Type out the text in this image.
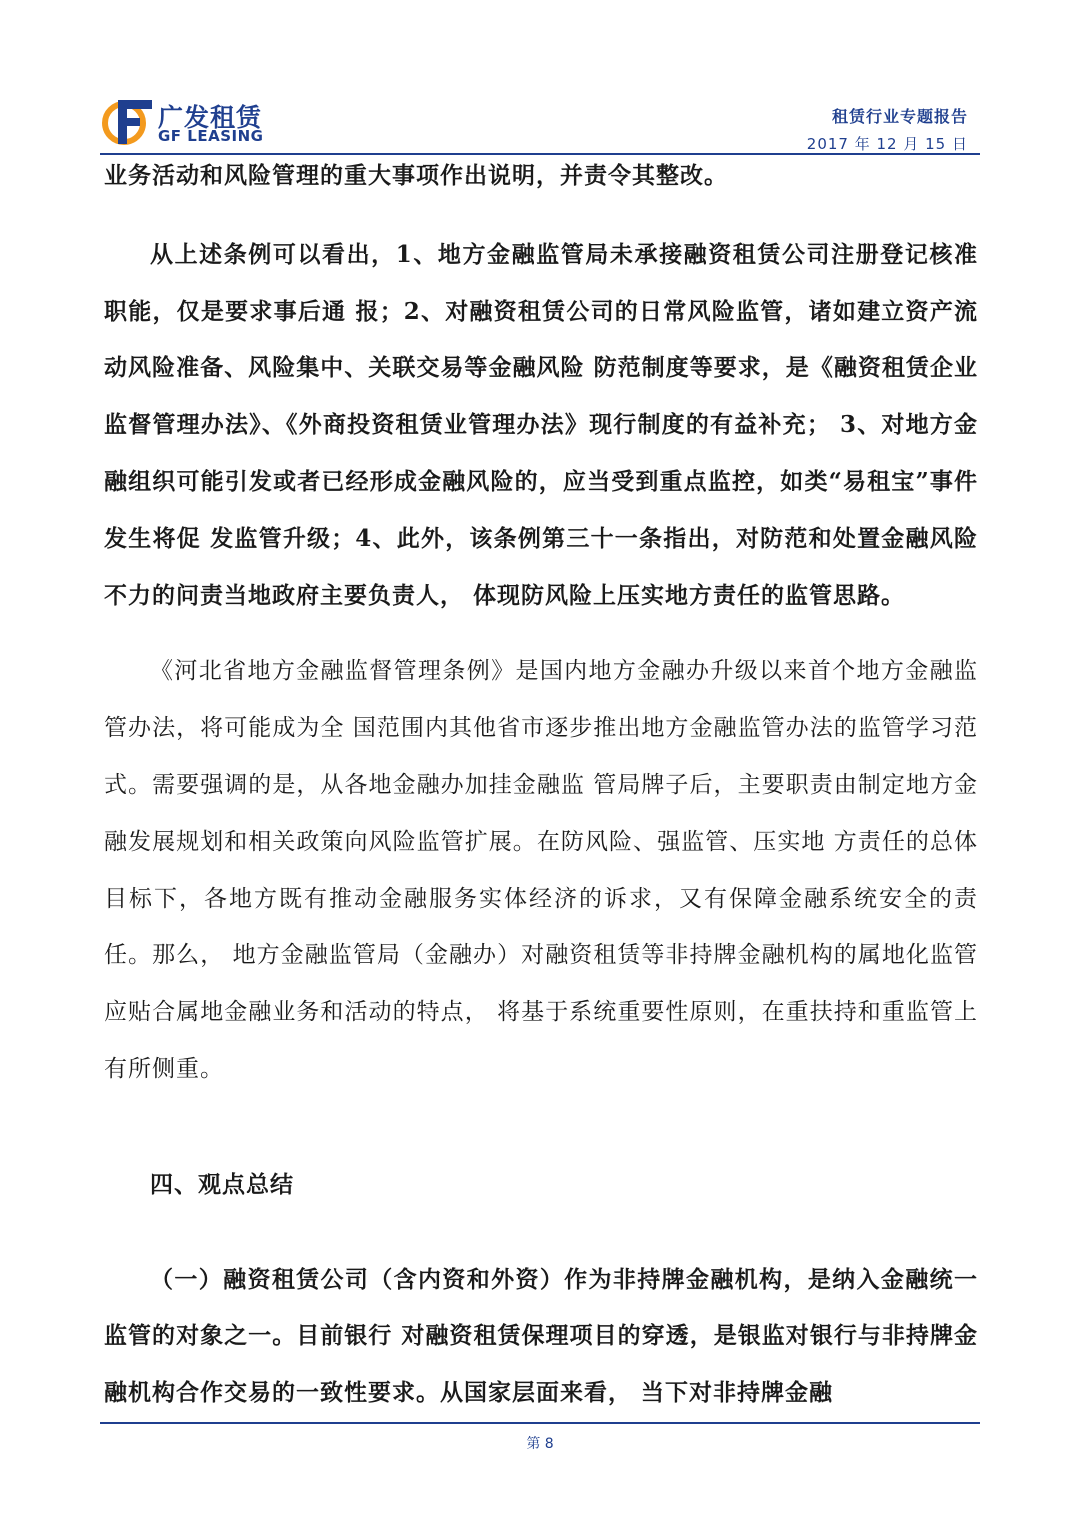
广发租赁
GF LEASING
租赁行业专题报告
2017 年 12 月 15 日

业务活动和风险管理的重大事项作出说明，并责令其整改。

从上述条例可以看出，1、地方金融监管局未承接融资租赁公司注册登记核准职能，仅是要求事后通 报；2、对融资租赁公司的日常风险监管，诸如建立资产流动风险准备、风险集中、关联交易等金融风险 防范制度等要求，是《融资租赁企业监督管理办法》、《外商投资租赁业管理办法》现行制度的有益补充； 3、对地方金融组织可能引发或者已经形成金融风险的，应当受到重点监控，如类“易租宝”事件发生将促 发监管升级；4、此外，该条例第三十一条指出，对防范和处置金融风险不力的问责当地政府主要负责人， 体现防风险上压实地方责任的监管思路。

《河北省地方金融监督管理条例》是国内地方金融办升级以来首个地方金融监管办法，将可能成为全 国范围内其他省市逐步推出地方金融监管办法的监管学习范式。需要强调的是，从各地金融办加挂金融监 管局牌子后，主要职责由制定地方金融发展规划和相关政策向风险监管扩展。在防风险、强监管、压实地 方责任的总体目标下，各地方既有推动金融服务实体经济的诉求，又有保障金融系统安全的责任。那么， 地方金融监管局（金融办）对融资租赁等非持牌金融机构的属地化监管应贴合属地金融业务和活动的特点， 将基于系统重要性原则，在重扶持和重监管上有所侧重。

四、观点总结

（一）融资租赁公司（含内资和外资）作为非持牌金融机构，是纳入金融统一监管的对象之一。目前银行 对融资租赁保理项目的穿透，是银监对银行与非持牌金融机构合作交易的一致性要求。从国家层面来看， 当下对非持牌金融

第 8
